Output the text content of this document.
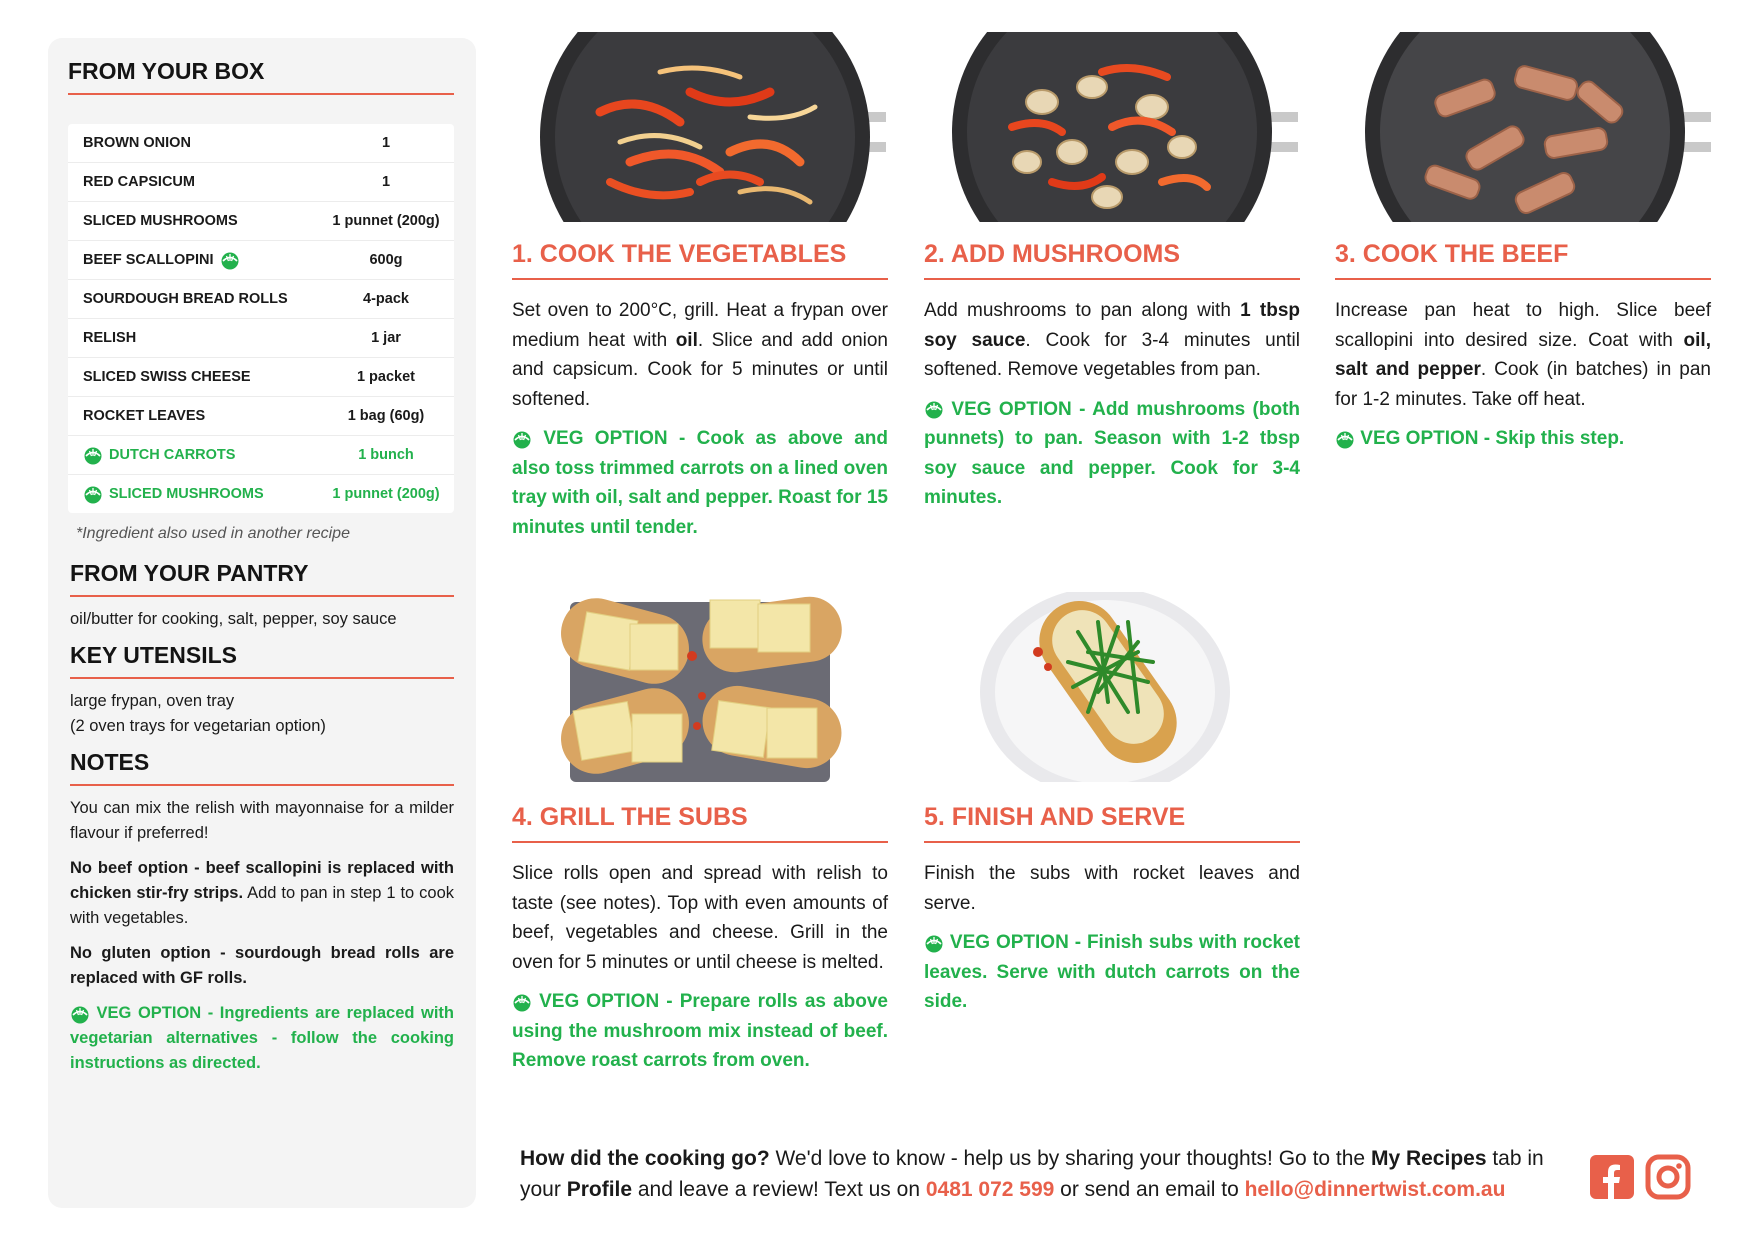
FROM YOUR BOX
BROWN ONION	1
RED CAPSICUM	1
SLICED MUSHROOMS	1 punnet (200g)
BEEF SCALLOPINI	600g
SOURDOUGH BREAD ROLLS	4-pack
RELISH	1 jar
SLICED SWISS CHEESE	1 packet
ROCKET LEAVES	1 bag (60g)
DUTCH CARROTS	1 bunch
SLICED MUSHROOMS	1 punnet (200g)
*Ingredient also used in another recipe
FROM YOUR PANTRY
oil/butter for cooking, salt, pepper, soy sauce
KEY UTENSILS
large frypan, oven tray
(2 oven trays for vegetarian option)
NOTES

You can mix the relish with mayonnaise for a milder flavour if preferred!

No beef option - beef scallopini is replaced with chicken stir-fry strips. Add to pan in step 1 to cook with vegetables.

No gluten option - sourdough bread rolls are replaced with GF rolls.

VEG OPTION - Ingredients are replaced with vegetarian alternatives - follow the cooking instructions as directed.

1. COOK THE VEGETABLES
Set oven to 200°C, grill. Heat a frypan over medium heat with oil. Slice and add onion and capsicum. Cook for 5 minutes or until softened.
VEG OPTION - Cook as above and also toss trimmed carrots on a lined oven tray with oil, salt and pepper. Roast for 15 minutes until tender.
2. ADD MUSHROOMS
Add mushrooms to pan along with 1 tbsp soy sauce. Cook for 3-4 minutes until softened. Remove vegetables from pan.
VEG OPTION - Add mushrooms (both punnets) to pan. Season with 1-2 tbsp soy sauce and pepper. Cook for 3-4 minutes.
3. COOK THE BEEF
Increase pan heat to high. Slice beef scallopini into desired size. Coat with oil, salt and pepper. Cook (in batches) in pan for 1-2 minutes. Take off heat.
VEG OPTION - Skip this step.
4. GRILL THE SUBS
Slice rolls open and spread with relish to taste (see notes). Top with even amounts of beef, vegetables and cheese. Grill in the oven for 5 minutes or until cheese is melted.
VEG OPTION - Prepare rolls as above using the mushroom mix instead of beef. Remove roast carrots from oven.
5. FINISH AND SERVE
Finish the subs with rocket leaves and serve.
VEG OPTION - Finish subs with rocket leaves. Serve with dutch carrots on the side.
How did the cooking go? We'd love to know - help us by sharing your thoughts! Go to the My Recipes tab in your Profile and leave a review! Text us on 0481 072 599 or send an email to hello@dinnertwist.com.au
